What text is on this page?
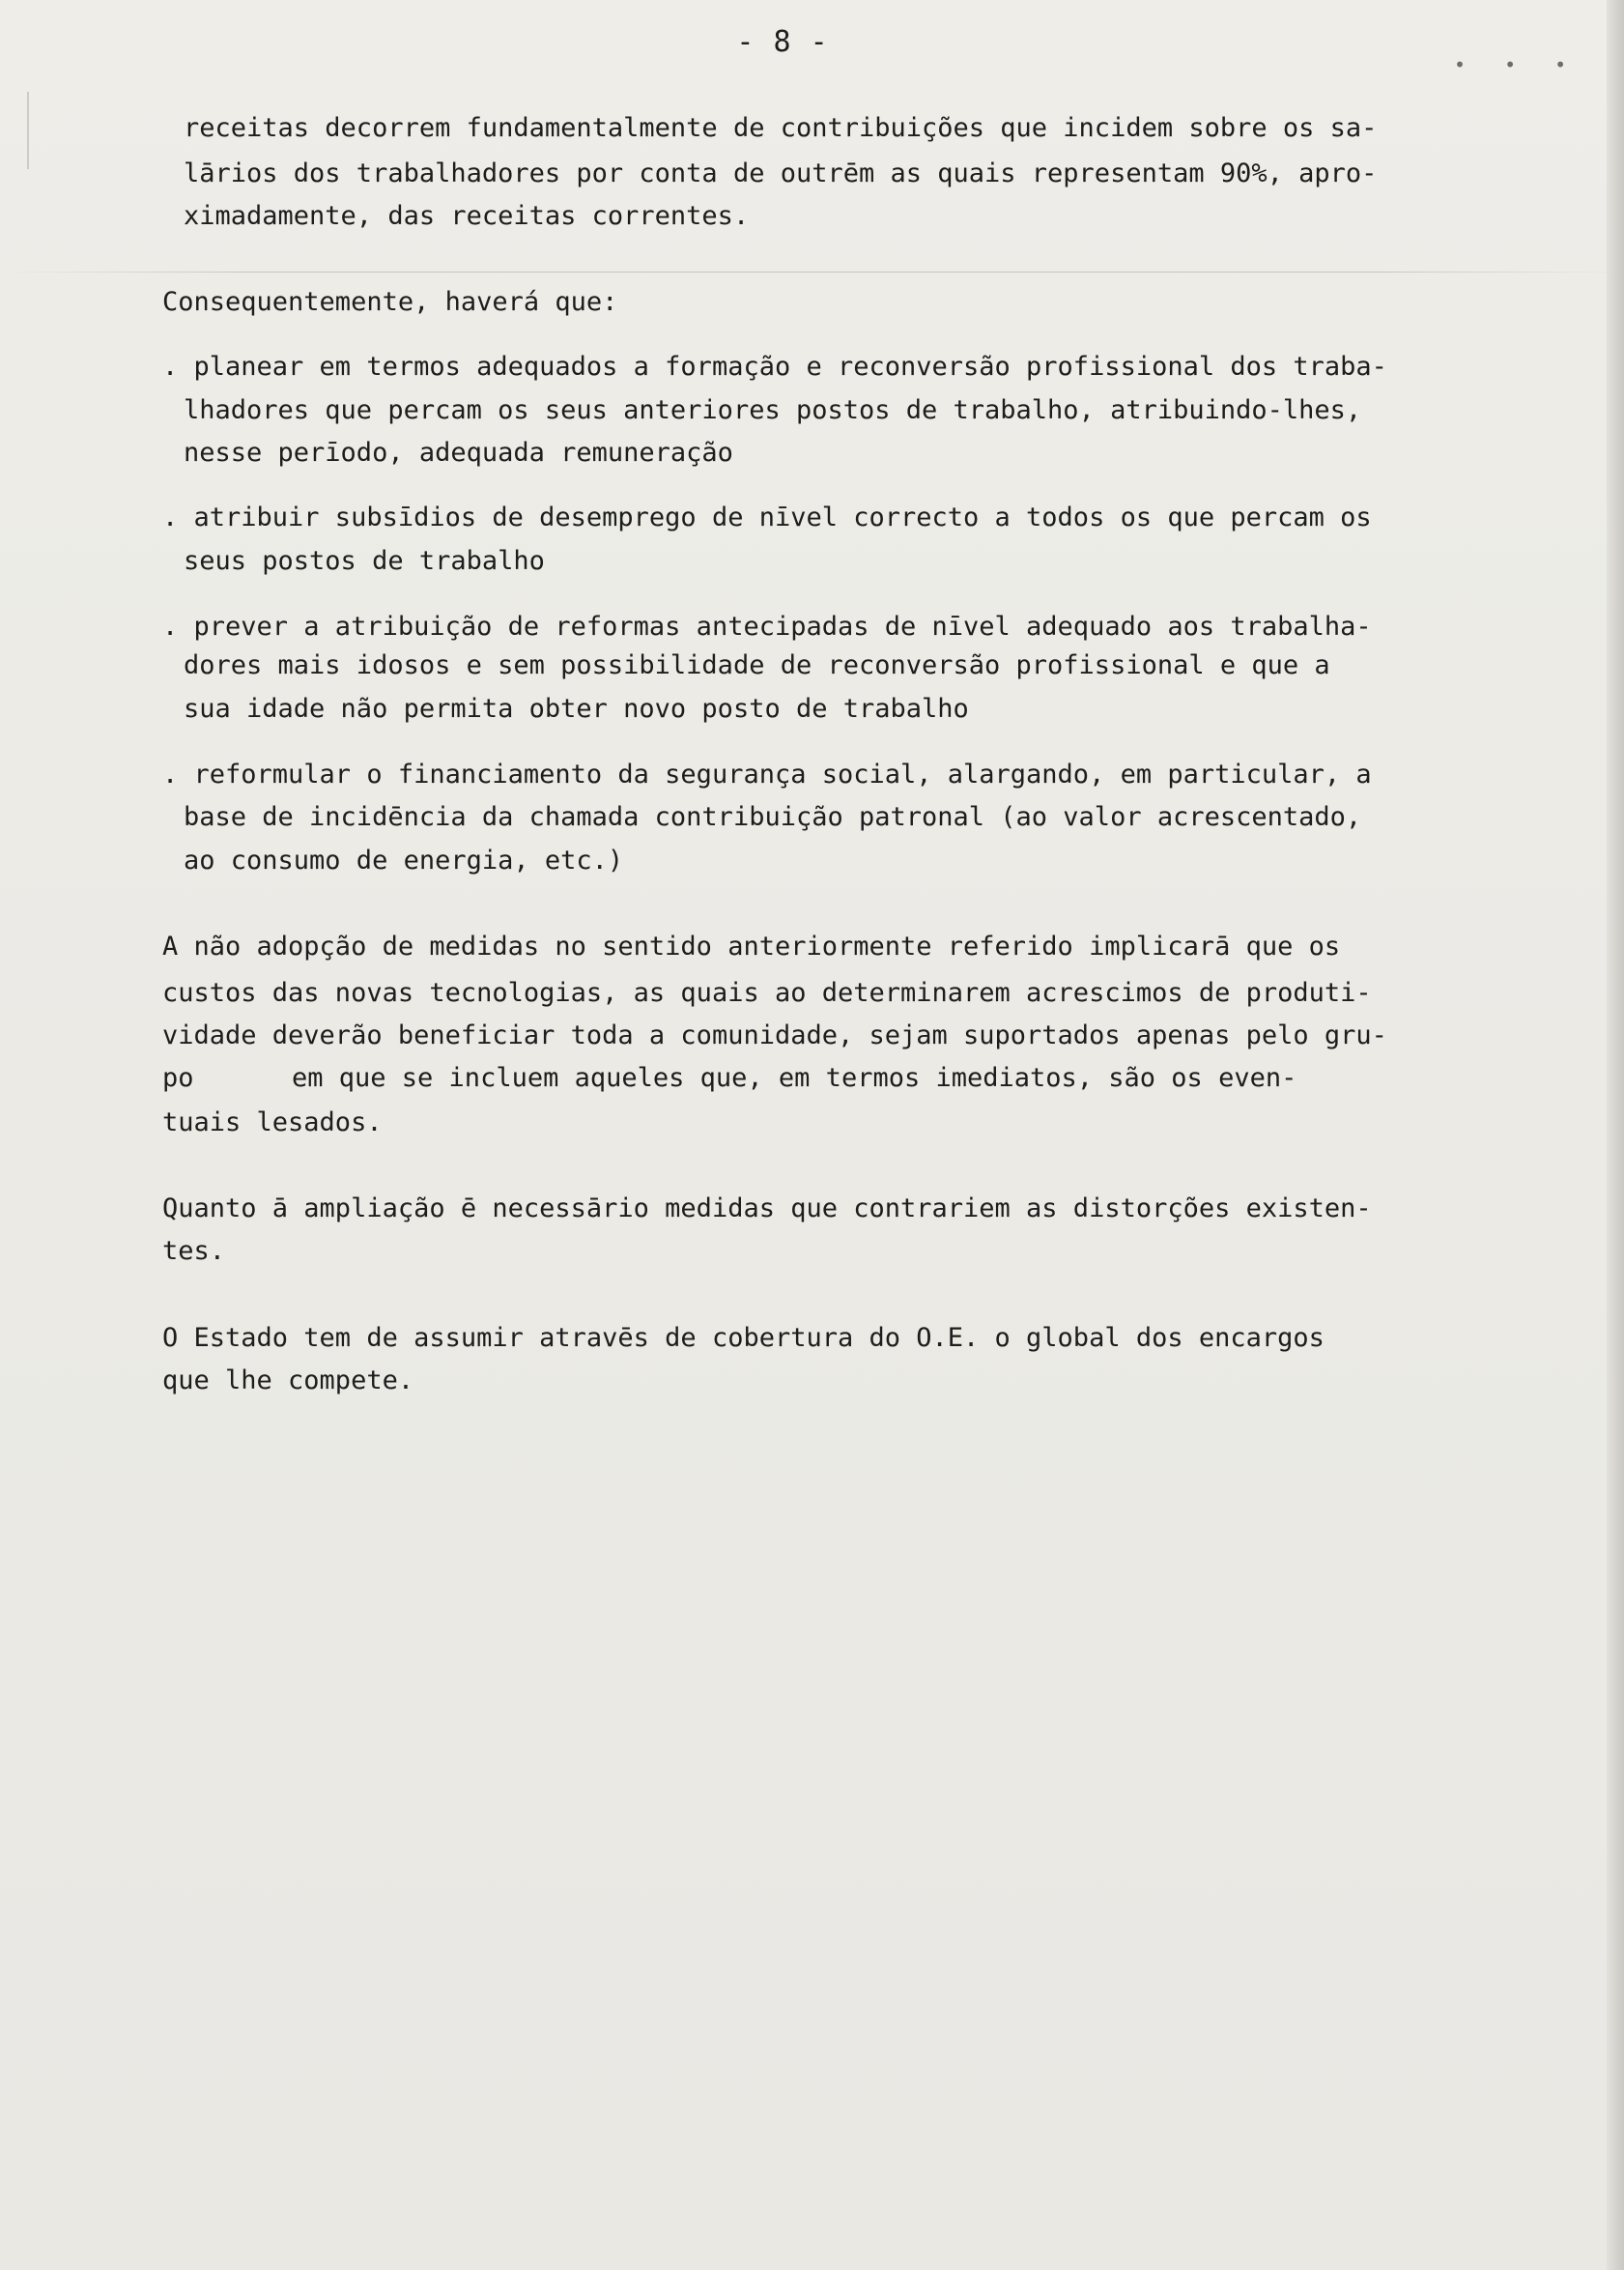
- 8 -
• • •
receitas decorrem fundamentalmente de contribuições que incidem sobre os sa-
lārios dos trabalhadores por conta de outrēm as quais representam 90%, apro-
ximadamente, das receitas correntes.
Consequentemente, haverá que:
. planear em termos adequados a formação e reconversão profissional dos traba-
lhadores que percam os seus anteriores postos de trabalho, atribuindo-lhes,
nesse perīodo, adequada remuneração
. atribuir subsīdios de desemprego de nīvel correcto a todos os que percam os
seus postos de trabalho
. prever a atribuição de reformas antecipadas de nīvel adequado aos trabalha-
dores mais idosos e sem possibilidade de reconversão profissional e que a
sua idade não permita obter novo posto de trabalho
. reformular o financiamento da segurança social, alargando, em particular, a
base de incidēncia da chamada contribuição patronal (ao valor acrescentado,
ao consumo de energia, etc.)
A não adopção de medidas no sentido anteriormente referido implicarā que os
custos das novas tecnologias, as quais ao determinarem acrescimos de produti-
vidade deverão beneficiar toda a comunidade, sejam suportados apenas pelo gru-
po	em que se incluem aqueles que, em termos imediatos, são os even-
tuais lesados.
Quanto ā ampliação ē necessārio medidas que contrariem as distorções existen-
tes.
O Estado tem de assumir atravēs de cobertura do O.E. o global dos encargos
que lhe compete.
